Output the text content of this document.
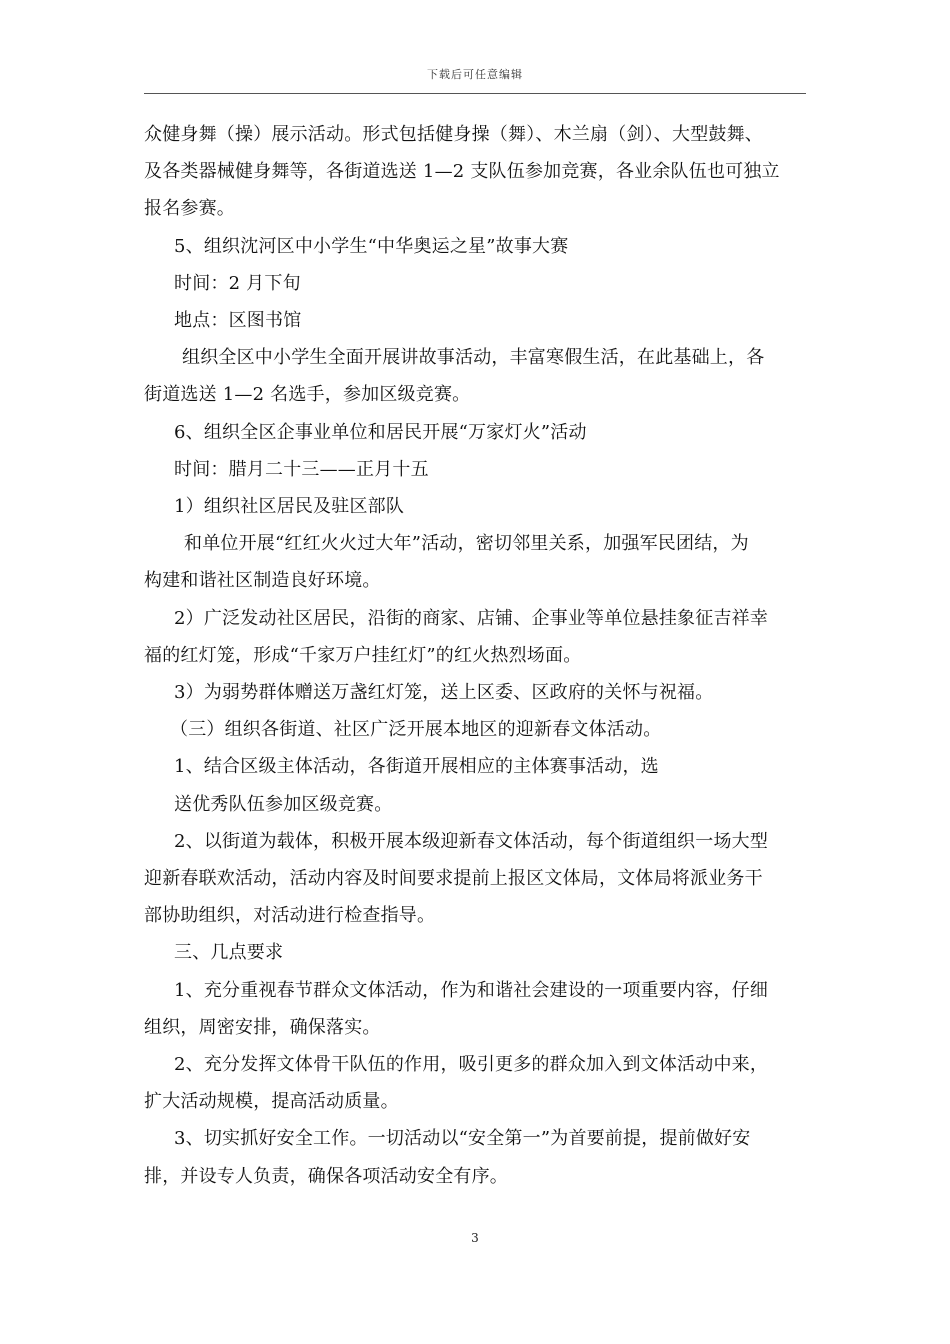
下载后可任意编辑

众健身舞（操）展示活动。形式包括健身操（舞）、木兰扇（剑）、大型鼓舞、

及各类器械健身舞等，各街道选送 1—2 支队伍参加竞赛，各业余队伍也可独立

报名参赛。

5、组织沈河区中小学生“中华奥运之星”故事大赛

时间：2 月下旬

地点：区图书馆

组织全区中小学生全面开展讲故事活动，丰富寒假生活，在此基础上，各

街道选送 1—2 名选手，参加区级竞赛。

6、组织全区企事业单位和居民开展“万家灯火”活动

时间：腊月二十三——正月十五

1）组织社区居民及驻区部队

和单位开展“红红火火过大年”活动，密切邻里关系，加强军民团结，为

构建和谐社区制造良好环境。

2）广泛发动社区居民，沿街的商家、店铺、企事业等单位悬挂象征吉祥幸

福的红灯笼，形成“千家万户挂红灯”的红火热烈场面。

3）为弱势群体赠送万盏红灯笼，送上区委、区政府的关怀与祝福。

（三）组织各街道、社区广泛开展本地区的迎新春文体活动。

1、结合区级主体活动，各街道开展相应的主体赛事活动，选

送优秀队伍参加区级竞赛。

2、以街道为载体，积极开展本级迎新春文体活动，每个街道组织一场大型

迎新春联欢活动，活动内容及时间要求提前上报区文体局，文体局将派业务干

部协助组织，对活动进行检查指导。

三、几点要求

1、充分重视春节群众文体活动，作为和谐社会建设的一项重要内容，仔细

组织，周密安排，确保落实。

2、充分发挥文体骨干队伍的作用，吸引更多的群众加入到文体活动中来，

扩大活动规模，提高活动质量。

3、切实抓好安全工作。一切活动以“安全第一”为首要前提，提前做好安

排，并设专人负责，确保各项活动安全有序。

3
